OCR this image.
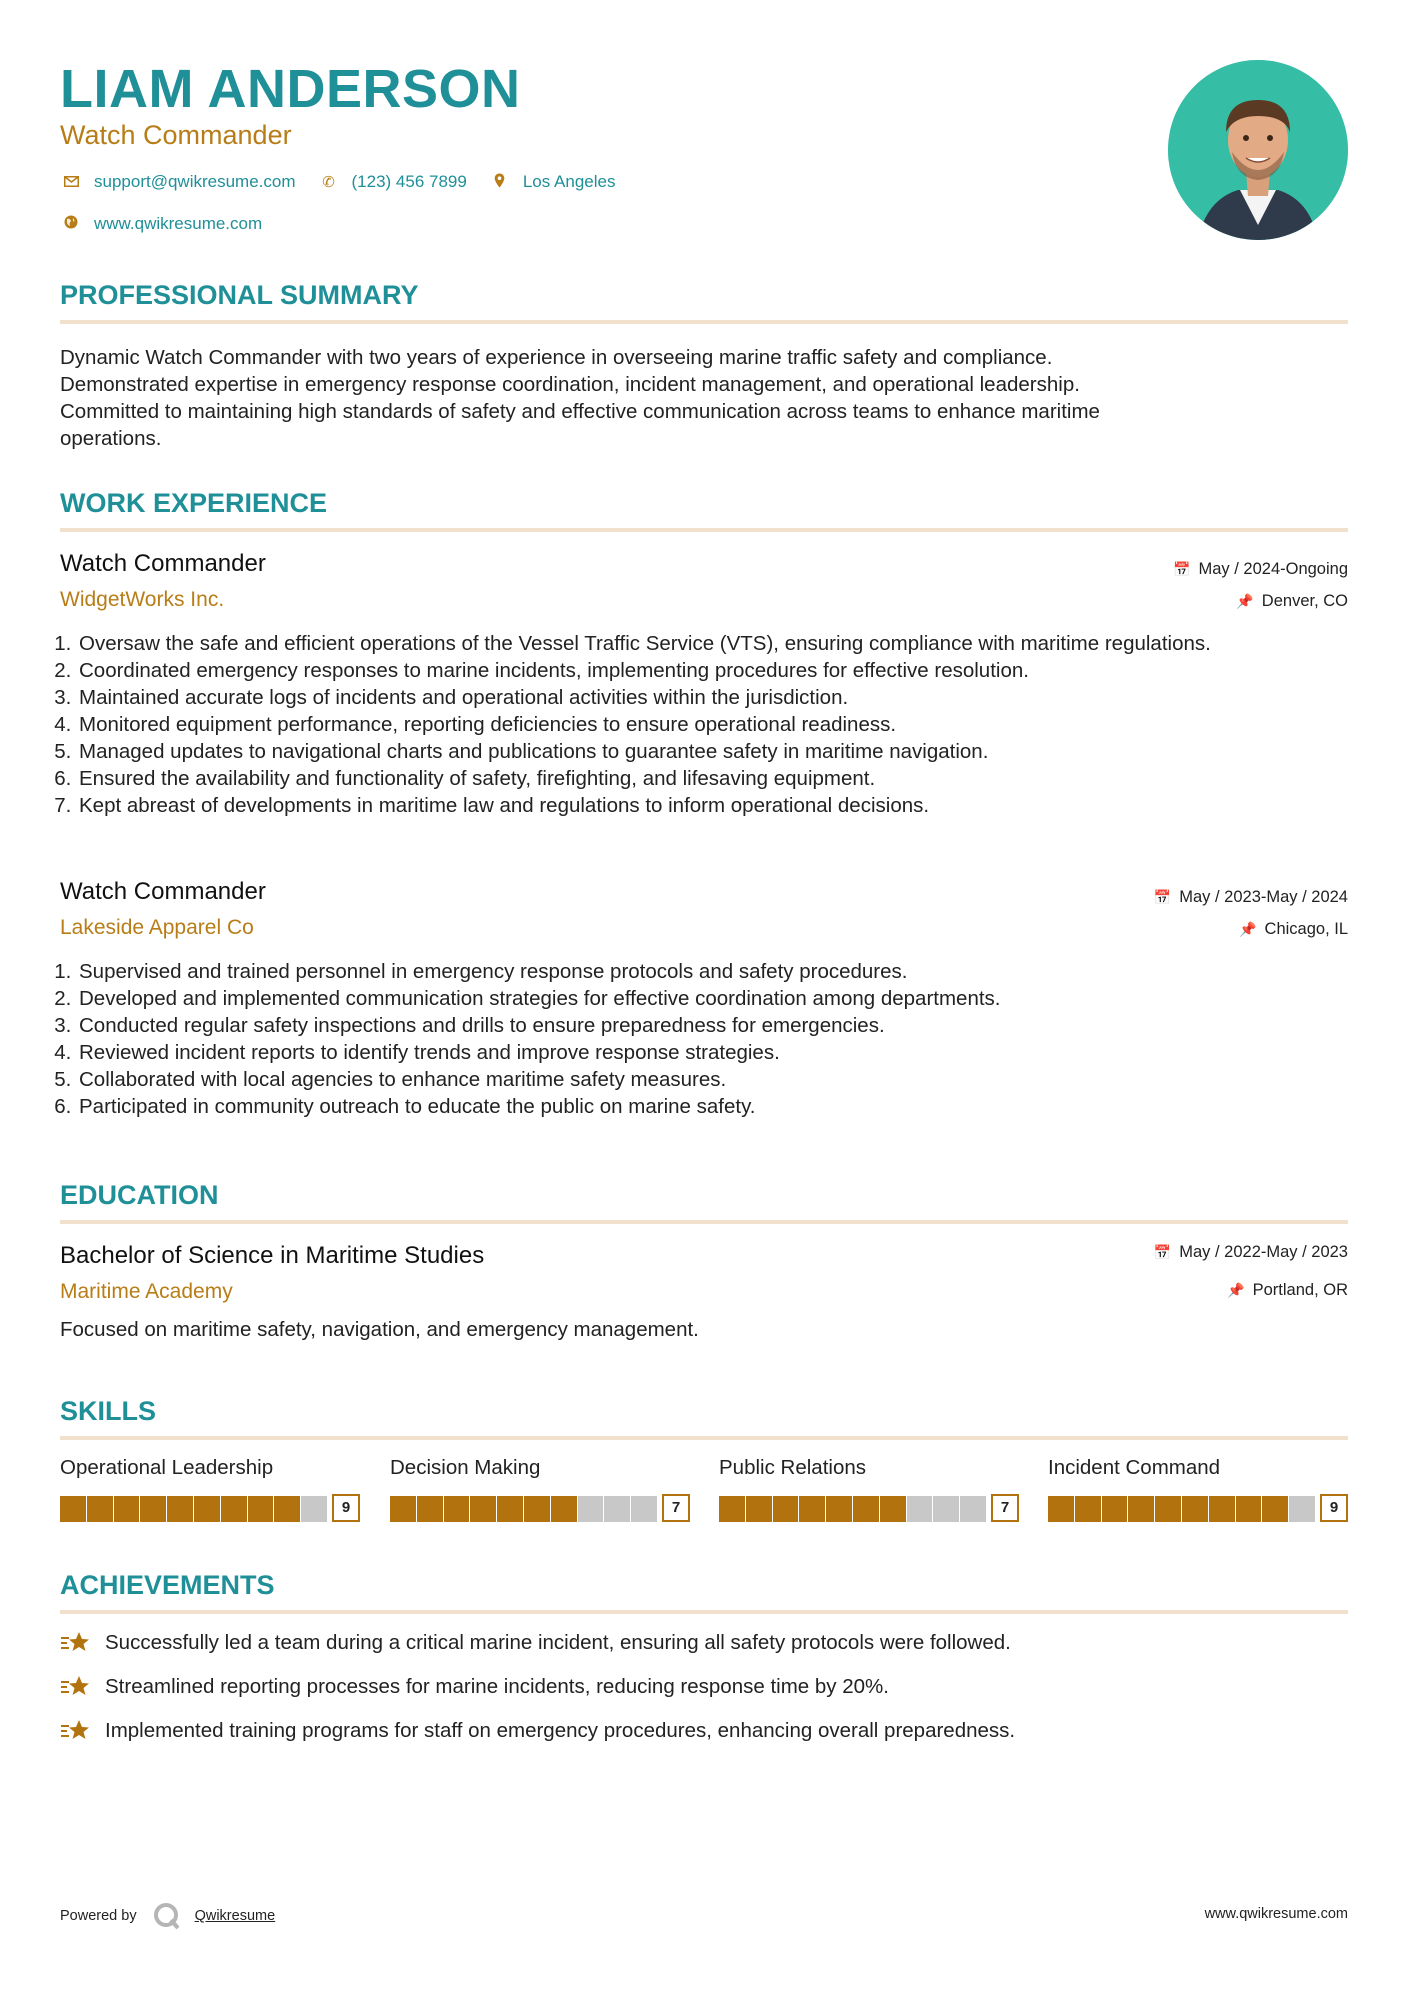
LIAM ANDERSON
Watch Commander
support@qwikresume.com	✆ (123) 456 7899	Los Angeles
www.qwikresume.com
PROFESSIONAL SUMMARY
Dynamic Watch Commander with two years of experience in overseeing marine traffic safety and compliance.
Demonstrated expertise in emergency response coordination, incident management, and operational leadership.
Committed to maintaining high standards of safety and effective communication across teams to enhance maritime
operations.
WORK EXPERIENCE
Watch Commander	📅 May / 2024-Ongoing
WidgetWorks Inc.	📌 Denver, CO
1. Oversaw the safe and efficient operations of the Vessel Traffic Service (VTS), ensuring compliance with maritime regulations.
2. Coordinated emergency responses to marine incidents, implementing procedures for effective resolution.
3. Maintained accurate logs of incidents and operational activities within the jurisdiction.
4. Monitored equipment performance, reporting deficiencies to ensure operational readiness.
5. Managed updates to navigational charts and publications to guarantee safety in maritime navigation.
6. Ensured the availability and functionality of safety, firefighting, and lifesaving equipment.
7. Kept abreast of developments in maritime law and regulations to inform operational decisions.
Watch Commander	📅 May / 2023-May / 2024
Lakeside Apparel Co	📌 Chicago, IL
1. Supervised and trained personnel in emergency response protocols and safety procedures.
2. Developed and implemented communication strategies for effective coordination among departments.
3. Conducted regular safety inspections and drills to ensure preparedness for emergencies.
4. Reviewed incident reports to identify trends and improve response strategies.
5. Collaborated with local agencies to enhance maritime safety measures.
6. Participated in community outreach to educate the public on marine safety.
EDUCATION
Bachelor of Science in Maritime Studies	📅 May / 2022-May / 2023
Maritime Academy	📌 Portland, OR
Focused on maritime safety, navigation, and emergency management.
SKILLS
Operational Leadership
9
Decision Making
7
Public Relations
7
Incident Command
9
ACHIEVEMENTS
Successfully led a team during a critical marine incident, ensuring all safety protocols were followed.
Streamlined reporting processes for marine incidents, reducing response time by 20%.
Implemented training programs for staff on emergency procedures, enhancing overall preparedness.
Powered by	Qwikresume	www.qwikresume.com
